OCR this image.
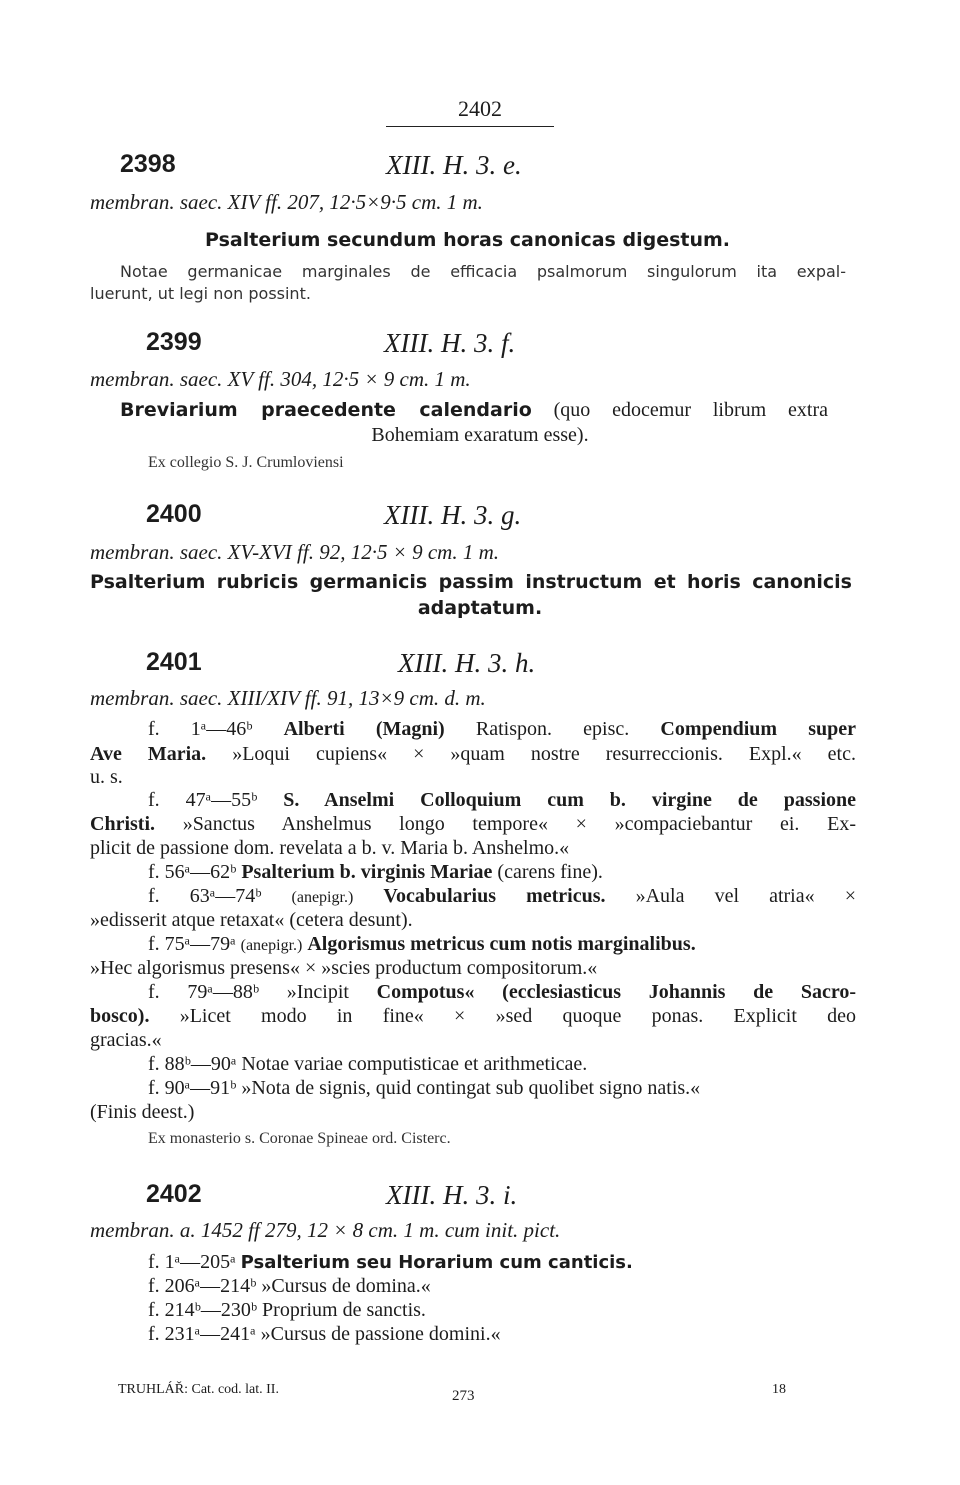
2402
2398	XIII. H. 3. e.
membran. saec. XIV ff. 207, 12·5×9·5 cm. 1 m.
Psalterium secundum horas canonicas digestum.
Notae germanicae marginales de efficacia psalmorum singulorum ita expal-
luerunt, ut legi non possint.
2399	XIII. H. 3. f.
membran. saec. XV ff. 304, 12·5 × 9 cm. 1 m.
Breviarium praecedente calendario (quo edocemur librum extra
Bohemiam exaratum esse).
Ex collegio S. J. Crumloviensi
2400	XIII. H. 3. g.
membran. saec. XV-XVI ff. 92, 12·5 × 9 cm. 1 m.
Psalterium rubricis germanicis passim instructum et horis canonicis
adaptatum.
2401	XIII. H. 3. h.
membran. saec. XIII/XIV ff. 91, 13×9 cm. d. m.
f. 1ᵃ—46ᵇ Alberti (Magni) Ratispon. episc. Compendium super
Ave Maria. »Loqui cupiens« × »quam nostre resurreccionis. Expl.« etc.
u. s.
f. 47ᵃ—55ᵇ S. Anselmi Colloquium cum b. virgine de passione
Christi. »Sanctus Anshelmus longo tempore« × »compaciebantur ei. Ex-
plicit de passione dom. revelata a b. v. Maria b. Anshelmo.«
f. 56ᵃ—62ᵇ Psalterium b. virginis Mariae (carens fine).
f. 63ᵃ—74ᵇ (anepigr.) Vocabularius metricus. »Aula vel atria« ×
»edisserit atque retaxat« (cetera desunt).
f. 75ᵃ—79ᵃ (anepigr.) Algorismus metricus cum notis marginalibus.
»Hec algorismus presens« × »scies productum compositorum.«
f. 79ᵃ—88ᵇ »Incipit Compotus« (ecclesiasticus Johannis de Sacro-
bosco). »Licet modo in fine« × »sed quoque ponas. Explicit deo
gracias.«
f. 88ᵇ—90ᵃ Notae variae computisticae et arithmeticae.
f. 90ᵃ—91ᵇ »Nota de signis, quid contingat sub quolibet signo natis.«
(Finis deest.)
Ex monasterio s. Coronae Spineae ord. Cisterc.
2402	XIII. H. 3. i.
membran. a. 1452 ff 279, 12 × 8 cm. 1 m. cum init. pict.
f. 1ᵃ—205ᵃ Psalterium seu Horarium cum canticis.
f. 206ᵃ—214ᵇ »Cursus de domina.«
f. 214ᵇ—230ᵇ Proprium de sanctis.
f. 231ᵃ—241ᵃ »Cursus de passione domini.«
TRUHLÁŘ: Cat. cod. lat. II.	273	18
